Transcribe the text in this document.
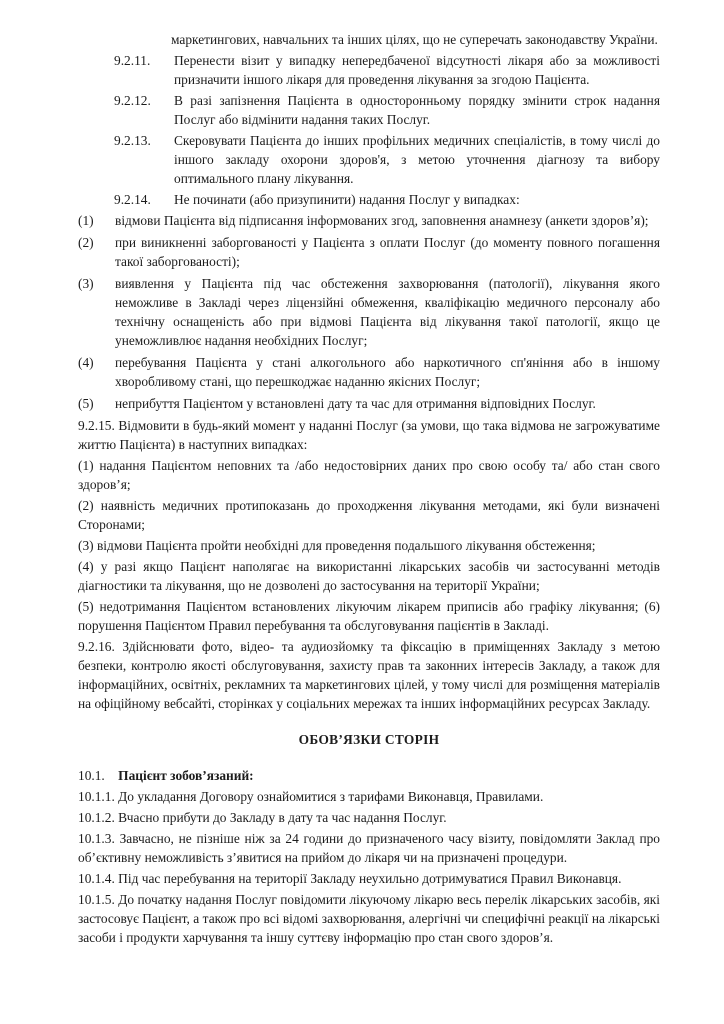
маркетингових, навчальних та інших цілях, що не суперечать законодавству України.

9.2.11.	Перенести візит у випадку непередбаченої відсутності лікаря або за можливості призначити іншого лікаря для проведення лікування за згодою Пацієнта.
9.2.12.	В разі запізнення Пацієнта в односторонньому порядку змінити строк надання Послуг або відмінити надання таких Послуг.
9.2.13.	Скеровувати Пацієнта до інших профільних медичних спеціалістів, в тому числі до іншого закладу охорони здоров'я, з метою уточнення діагнозу та вибору оптимального плану лікування.
9.2.14.	Не починати (або призупинити) надання Послуг у випадках:
(1)	відмови Пацієнта від підписання інформованих згод, заповнення анамнезу (анкети здоров’я);
(2)	при виникненні заборгованості у Пацієнта з оплати Послуг (до моменту повного погашення такої заборгованості);
(3)	виявлення у Пацієнта під час обстеження захворювання (патології), лікування якого неможливе в Закладі через ліцензійні обмеження, кваліфікацію медичного персоналу або технічну оснащеність або при відмові Пацієнта від лікування такої патології, якщо це унеможливлює надання необхідних Послуг;
(4)	перебування Пацієнта у стані алкогольного або наркотичного сп'яніння або в іншому хворобливому стані, що перешкоджає наданню якісних Послуг;
(5)	неприбуття Пацієнтом у встановлені дату та час для отримання відповідних Послуг.

9.2.15. Відмовити в будь-який момент у наданні Послуг (за умови, що така відмова не загрожуватиме життю Пацієнта) в наступних випадках:

(1) надання Пацієнтом неповних та /або недостовірних даних про свою особу та/ або стан свого здоров’я;

(2) наявність медичних протипоказань до проходження лікування методами, які були визначені Сторонами;

(3) відмови Пацієнта пройти необхідні для проведення подальшого лікування обстеження;

(4) у разі якщо Пацієнт наполягає на використанні лікарських засобів чи застосуванні методів діагностики та лікування, що не дозволені до застосування на території України;

(5) недотримання Пацієнтом встановлених лікуючим лікарем приписів або графіку лікування; (6) порушення Пацієнтом Правил перебування та обслуговування пацієнтів в Закладі.

9.2.16. Здійснювати фото, відео- та аудиозйомку та фіксацію в приміщеннях Закладу з метою безпеки, контролю якості обслуговування, захисту прав та законних інтересів Закладу, а також для інформаційних, освітніх, рекламних та маркетингових цілей, у тому числі для розміщення матеріалів на офіційному вебсайті, сторінках у соціальних мережах та інших інформаційних ресурсах Закладу.

ОБОВ’ЯЗКИ СТОРІН

10.1. Пацієнт зобов’язаний:

10.1.1. До укладання Договору ознайомитися з тарифами Виконавця, Правилами.

10.1.2. Вчасно прибути до Закладу в дату та час надання Послуг.

10.1.3. Завчасно, не пізніше ніж за 24 години до призначеного часу візиту, повідомляти Заклад про об’єктивну неможливість з’явитися на прийом до лікаря чи на призначені процедури.

10.1.4. Під час перебування на території Закладу неухильно дотримуватися Правил Виконавця.

10.1.5. До початку надання Послуг повідомити лікуючому лікарю весь перелік лікарських засобів, які застосовує Пацієнт, а також про всі відомі захворювання, алергічні чи специфічні реакції на лікарські засоби і продукти харчування та іншу суттєву інформацію про стан свого здоров’я.
